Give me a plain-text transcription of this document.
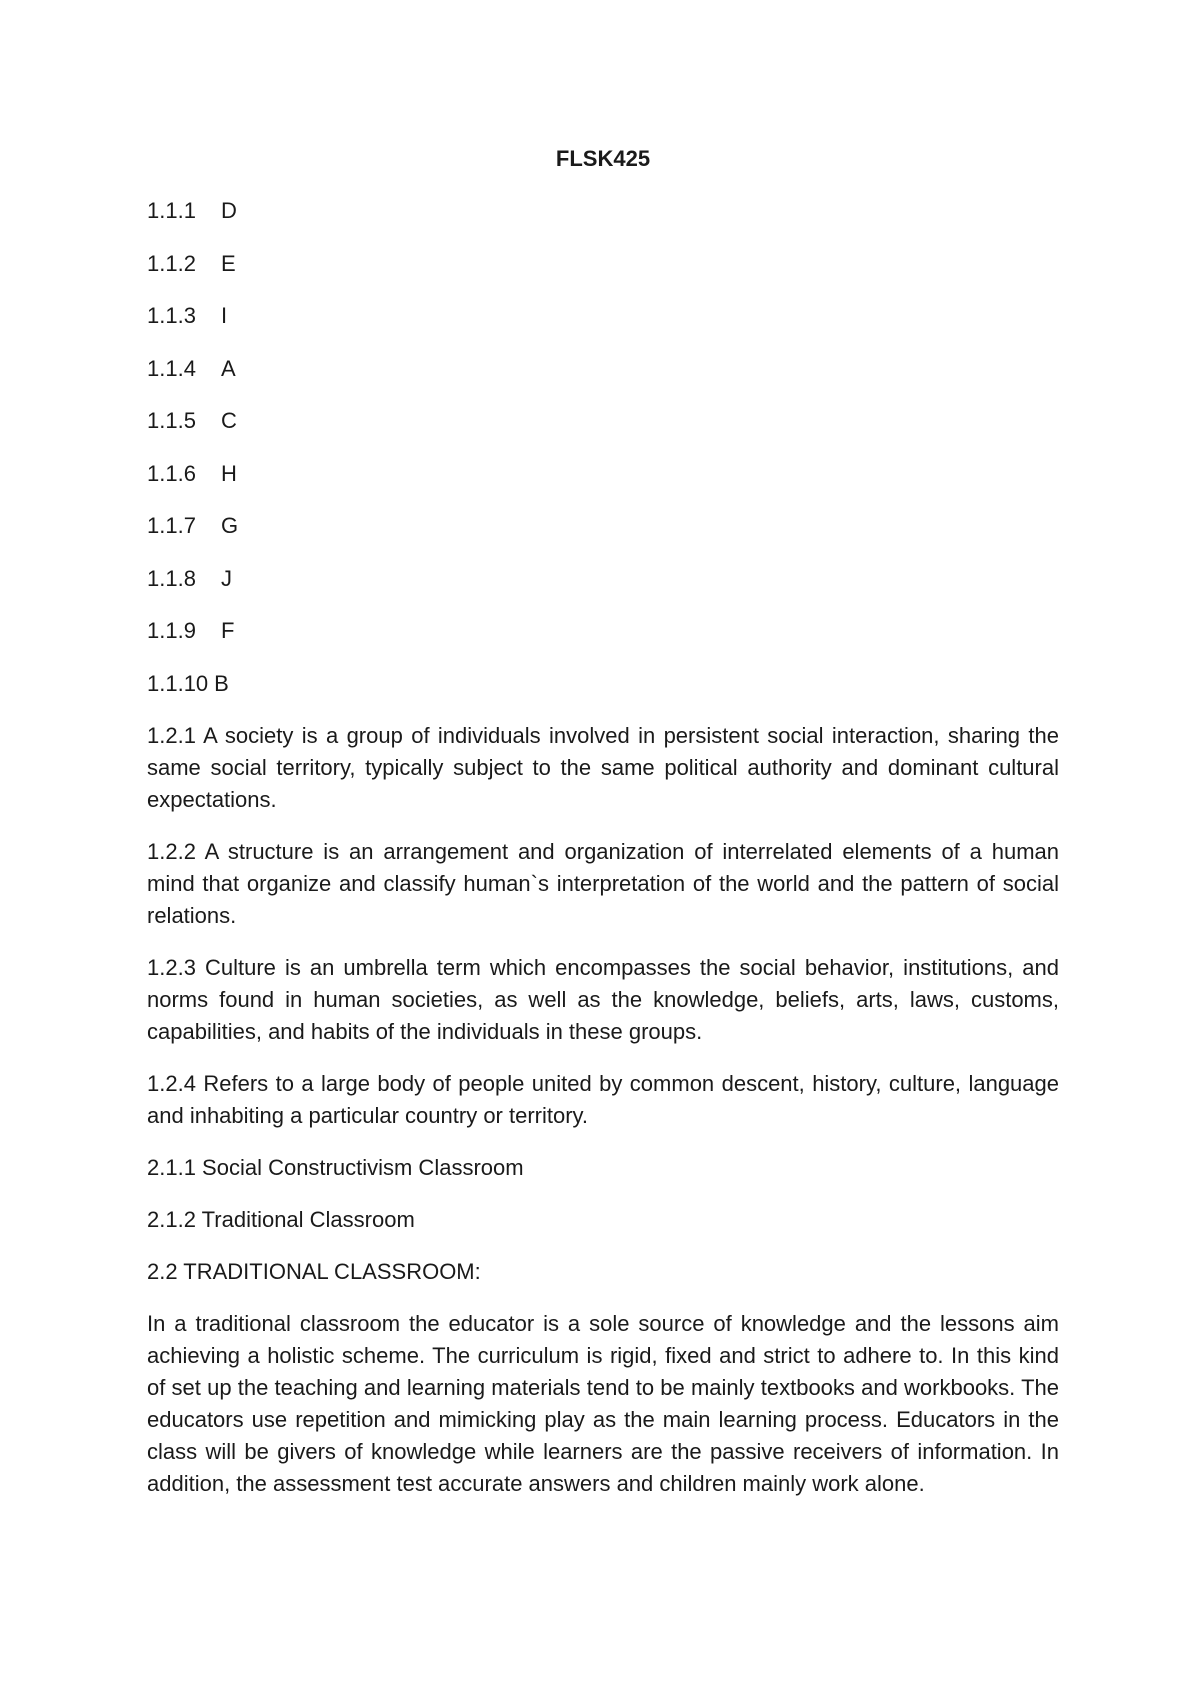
FLSK425
1.1.1 D
1.1.2 E
1.1.3 I
1.1.4 A
1.1.5 C
1.1.6 H
1.1.7 G
1.1.8 J
1.1.9 F
1.1.10 B

1.2.1 A society is a group of individuals involved in persistent social interaction, sharing the same social territory, typically subject to the same political authority and dominant cultural expectations.

1.2.2 A structure is an arrangement and organization of interrelated elements of a human mind that organize and classify human`s interpretation of the world and the pattern of social relations.

1.2.3 Culture is an umbrella term which encompasses the social behavior, institutions, and norms found in human societies, as well as the knowledge, beliefs, arts, laws, customs, capabilities, and habits of the individuals in these groups.

1.2.4 Refers to a large body of people united by common descent, history, culture, language and inhabiting a particular country or territory.

2.1.1 Social Constructivism Classroom

2.1.2 Traditional Classroom

2.2 TRADITIONAL CLASSROOM:

In a traditional classroom the educator is a sole source of knowledge and the lessons aim achieving a holistic scheme. The curriculum is rigid, fixed and strict to adhere to. In this kind of set up the teaching and learning materials tend to be mainly textbooks and workbooks. The educators use repetition and mimicking play as the main learning process. Educators in the class will be givers of knowledge while learners are the passive receivers of information. In addition, the assessment test accurate answers and children mainly work alone.
